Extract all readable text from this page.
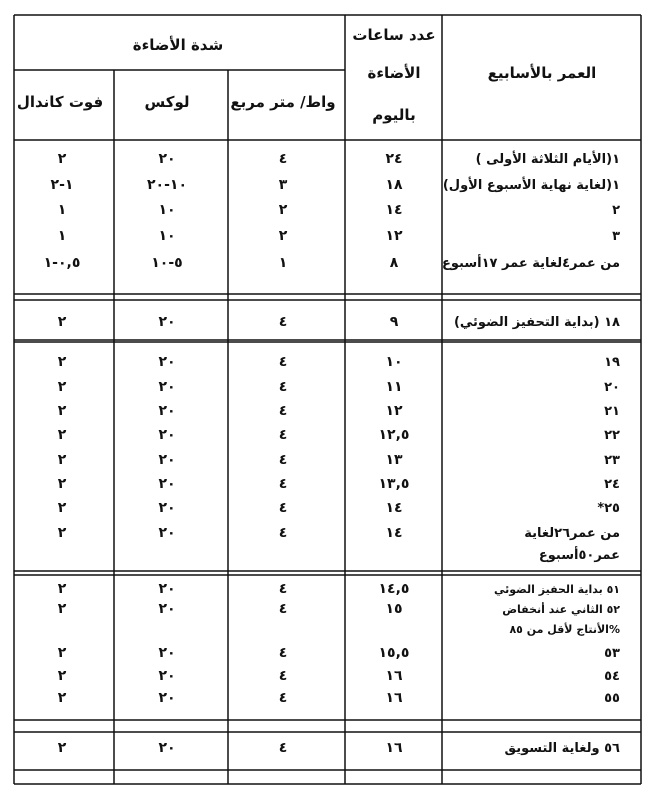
العمر بالأسابيع
عدد ساعات
الأضاءة
باليوم
شدة الأضاءة
واط/ متر مربع
لوكس
فوت كاندال
١(الأيام الثلاثة الأولى )
٢٤
٤
٢٠
٢
١(لغاية نهاية الأسبوع الأول)
١٨
٣
١٠-٢٠
١-٢
٢
١٤
٢
١٠
١
٣
١٢
٢
١٠
١
من عمر٤لغاية عمر ١٧أسبوع
٨
١
٥-١٠
٠,٥-١
١٨ (بداية التحفيز الضوئي)
٩
٤
٢٠
٢
١٩
١٠
٤
٢٠
٢
٢٠
١١
٤
٢٠
٢
٢١
١٢
٤
٢٠
٢
٢٢
١٢,٥
٤
٢٠
٢
٢٣
١٣
٤
٢٠
٢
٢٤
١٣,٥
٤
٢٠
٢
*٢٥
١٤
٤
٢٠
٢
من عمر٢٦لغاية
عمر٥٠أسبوع
١٤
٤
٢٠
٢
٥١ بداية الحفيز الضوئي
١٤,٥
٤
٢٠
٢
٥٢ الثاني عند أنخفاض
الأنتاج لأقل من ٨٥%
١٥
٤
٢٠
٢
٥٣
١٥,٥
٤
٢٠
٢
٥٤
١٦
٤
٢٠
٢
٥٥
١٦
٤
٢٠
٢
٥٦ ولغاية التسويق
١٦
٤
٢٠
٢
